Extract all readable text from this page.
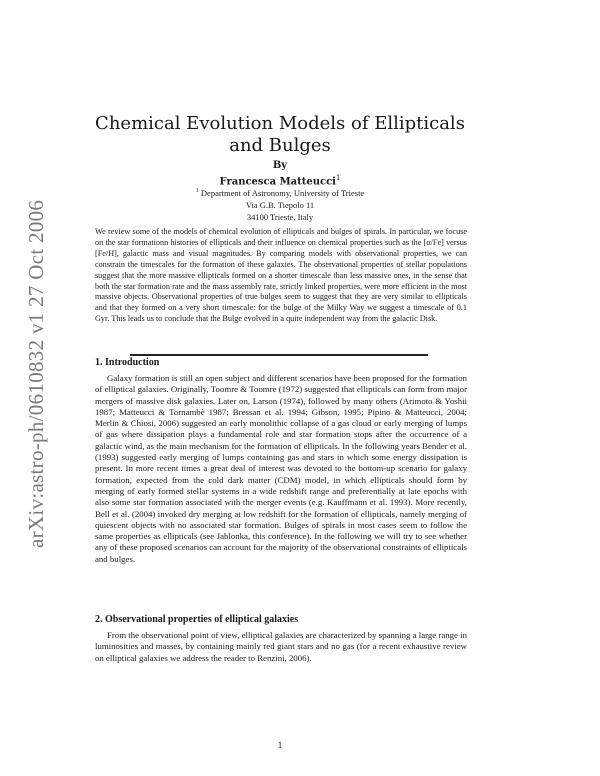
arXiv:astro-ph/0610832 v1 27 Oct 2006
Chemical Evolution Models of Ellipticals and Bulges
By
Francesca Matteucci$^1$
$^1$ Department of Astronomy, University of Trieste
Via G.B. Tiepolo 11
34100 Trieste, Italy
We review some of the models of chemical evolution of ellipticals and bulges of spirals. In particular, we focuse on the star formationn histories of ellipticals and their influence on chemical properties such as the [α/Fe] versus [Fe/H], galactic mass and visual magnitudes. By comparing models with observational properties, we can constrain the timescales for the formation of these galaxies. The observational properties of stellar populations suggest that the more massive ellipticals formed on a shorter timescale than less massive ones, in the sense that both the star formation rate and the mass assembly rate, strictly linked properties, were more efficient in the most massive objects. Observational properties of true bulges seem to suggest that they are very similar to ellipticals and that they formed on a very short timescale: for the bulge of the Milky Way we suggest a timescale of 0.1 Gyr. This leads us to conclude that the Bulge evolved in a quite independent way from the galactic Disk.
1. Introduction
Galaxy formation is still an open subject and different scenarios have been proposed for the formation of elliptical galaxies. Originally, Toomre & Toomre (1972) suggested that ellipticals can form from major mergers of massive disk galaxies. Later on, Larson (1974), followed by many others (Arimoto & Yoshii 1987; Matteucci & Tornambè 1987; Bressan et al. 1994; Gibson, 1995; Pipino & Matteucci, 2004; Merlin & Chiosi, 2006) suggested an early monolithic collapse of a gas cloud or early merging of lumps of gas where dissipation plays a fundamental role and star formation stops after the occurrence of a galactic wind, as the main mechanism for the formation of ellipticals. In the following years Bender et al. (1993) suggested early merging of lumps containing gas and stars in which some energy dissipation is present. In more recent times a great deal of interest was devoted to the bottom-up scenario for galaxy formation, expected from the cold dark matter (CDM) model, in which ellipticals should form by merging of early formed stellar systems in a wide redshift range and preferentially at late epochs with also some star formation associated with the merger events (e.g. Kauffmann et al. 1993). More recently, Bell et al. (2004) invoked dry merging at low redshift for the formation of ellipticals, namely merging of quiescent objects with no associated star formation. Bulges of spirals in most cases seem to follow the same properties as ellipticals (see Jablonka, this conference). In the following we will try to see whether any of these proposed scenarios can account for the majority of the observational constraints of ellipticals and bulges.
2. Observational properties of elliptical galaxies
From the observational point of view, elliptical galaxies are characterized by spanning a large range in luminosities and masses, by containing mainly red giant stars and no gas (for a recent exhaustive review on elliptical galaxies we address the reader to Renzini, 2006).
1
